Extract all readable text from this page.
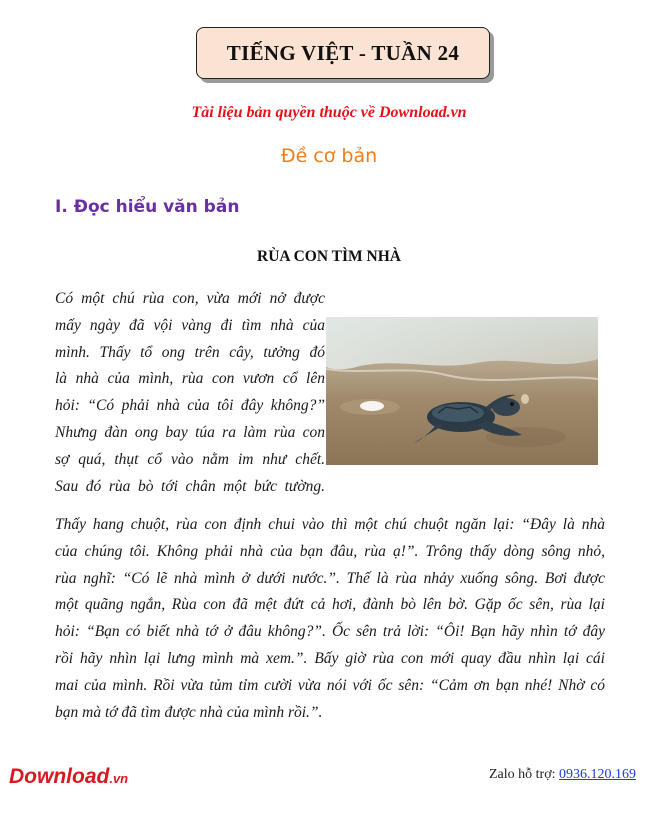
TIẾNG VIỆT - TUẦN 24
Tài liệu bản quyền thuộc về Download.vn
Đề cơ bản
I. Đọc hiểu văn bản
RÙA CON TÌM NHÀ
Có một chú rùa con, vừa mới nở được
mấy ngày đã vội vàng đi tìm nhà của
mình. Thấy tổ ong trên cây, tưởng đó
là nhà của mình, rùa con vươn cổ lên
hỏi: “Có phải nhà của tôi đây không?”
Nhưng đàn ong bay túa ra làm rùa con
sợ quá, thụt cổ vào nằm im như chết.
Sau đó rùa bò tới chân một bức tường.
Thấy hang chuột, rùa con định chui vào thì một chú chuột ngăn lại: “Đây là nhà
của chúng tôi. Không phải nhà của bạn đâu, rùa ạ!”. Trông thấy dòng sông nhỏ,
rùa nghĩ: “Có lẽ nhà mình ở dưới nước.”. Thế là rùa nhảy xuống sông. Bơi được
một quãng ngắn, Rùa con đã mệt đứt cả hơi, đành bò lên bờ. Gặp ốc sên, rùa lại
hỏi: “Bạn có biết nhà tớ ở đâu không?”. Ốc sên trả lời: “Ôi! Bạn hãy nhìn tớ đây
rồi hãy nhìn lại lưng mình mà xem.”. Bấy giờ rùa con mới quay đầu nhìn lại cái
mai của mình. Rồi vừa tủm tỉm cười vừa nói với ốc sên: “Cảm ơn bạn nhé! Nhờ có
bạn mà tớ đã tìm được nhà của mình rồi.”.
Download.vn	Zalo hỗ trợ: 0936.120.169
